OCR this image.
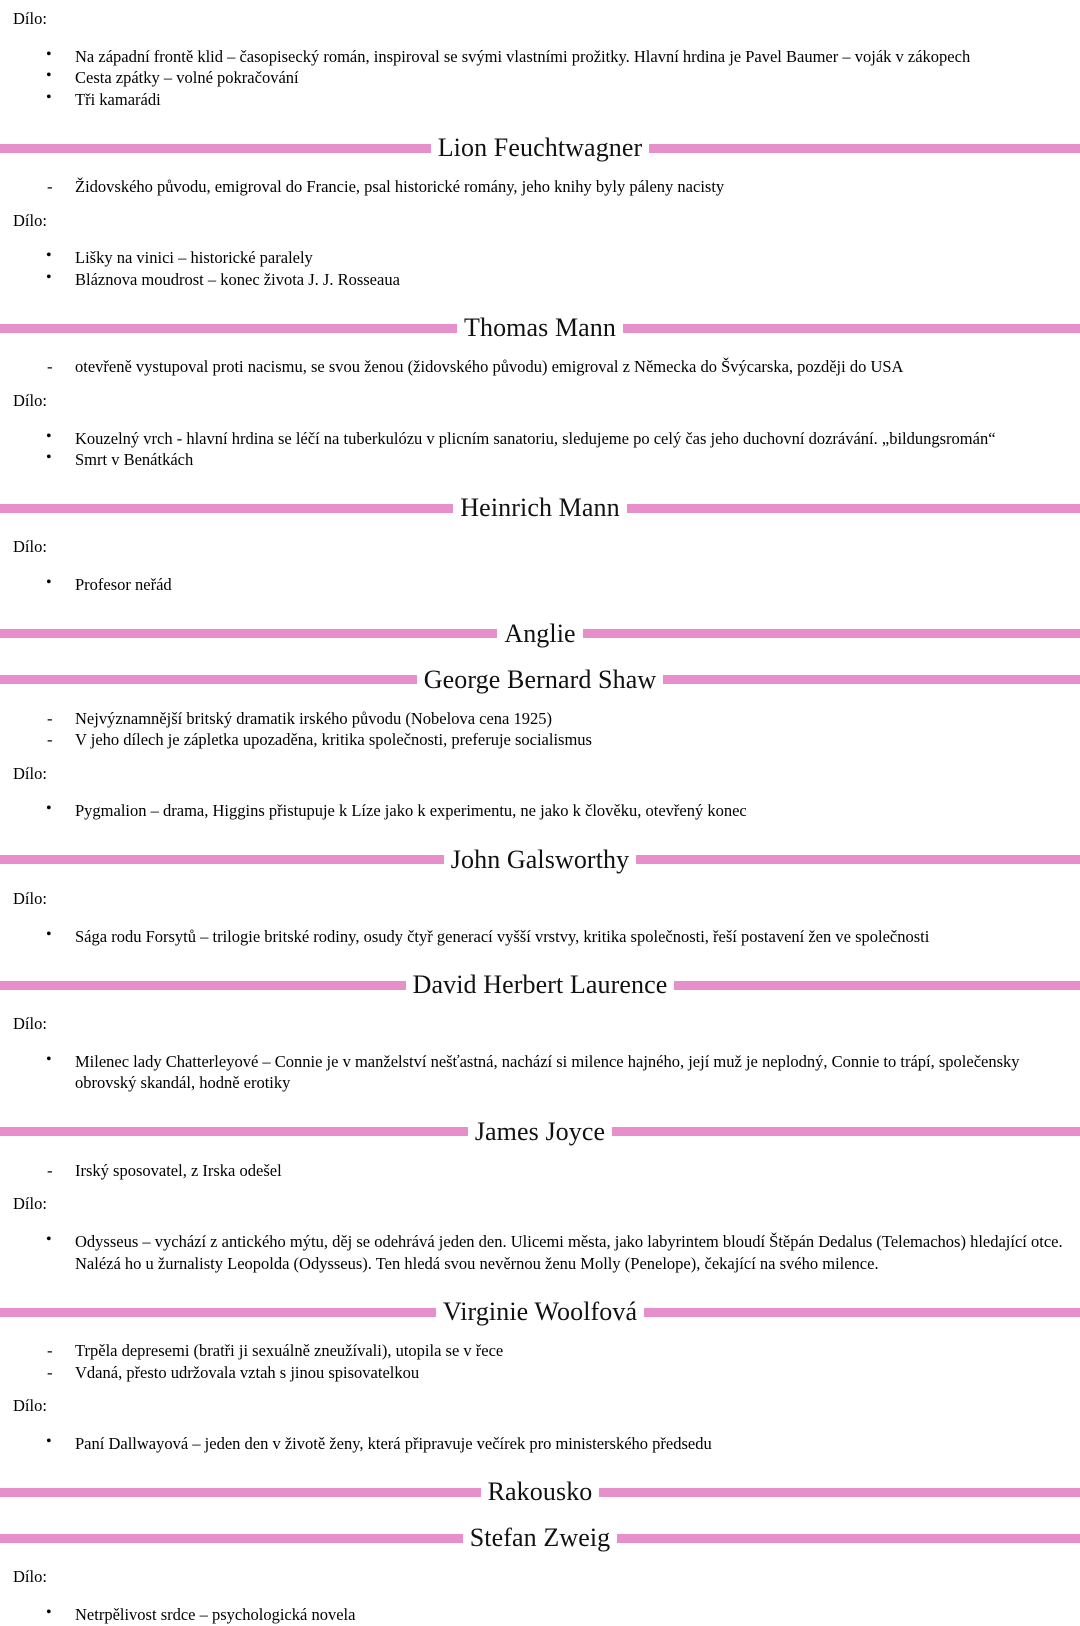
Dílo:

• Na západní frontě klid – časopisecký román, inspiroval se svými vlastními prožitky. Hlavní hrdina je Pavel Baumer – voják v zákopech
• Cesta zpátky – volné pokračování
• Tři kamarádi
Lion Feuchtwagner
- Židovského původu, emigroval do Francie, psal historické romány, jeho knihy byly páleny nacisty

Dílo:

• Lišky na vinici – historické paralely
• Bláznova moudrost – konec života J. J. Rosseaua
Thomas Mann
- otevřeně vystupoval proti nacismu, se svou ženou (židovského původu) emigroval z Německa do Švýcarska, později do USA

Dílo:

• Kouzelný vrch - hlavní hrdina se léčí na tuberkulózu v plicním sanatoriu, sledujeme po celý čas jeho duchovní dozrávání. „bildungsromán“
• Smrt v Benátkách
Heinrich Mann

Dílo:

• Profesor neřád
Anglie
George Bernard Shaw
- Nejvýznamnější britský dramatik irského původu (Nobelova cena 1925)
- V jeho dílech je zápletka upozaděna, kritika společnosti, preferuje socialismus

Dílo:

• Pygmalion – drama, Higgins přistupuje k Líze jako k experimentu, ne jako k člověku, otevřený konec
John Galsworthy

Dílo:

• Sága rodu Forsytů – trilogie britské rodiny, osudy čtyř generací vyšší vrstvy, kritika společnosti, řeší postavení žen ve společnosti
David Herbert Laurence

Dílo:

• Milenec lady Chatterleyové – Connie je v manželství nešťastná, nachází si milence hajného, její muž je neplodný, Connie to trápí, společensky obrovský skandál, hodně erotiky
James Joyce
- Irský sposovatel, z Irska odešel

Dílo:

• Odysseus – vychází z antického mýtu, děj se odehrává jeden den. Ulicemi města, jako labyrintem bloudí Štěpán Dedalus (Telemachos) hledající otce. Nalézá ho u žurnalisty Leopolda (Odysseus). Ten hledá svou nevěrnou ženu Molly (Penelope), čekající na svého milence.
Virginie Woolfová
- Trpěla depresemi (bratři ji sexuálně zneužívali), utopila se v řece
- Vdaná, přesto udržovala vztah s jinou spisovatelkou

Dílo:

• Paní Dallwayová – jeden den v životě ženy, která připravuje večírek pro ministerského předsedu
Rakousko
Stefan Zweig

Dílo:

• Netrpělivost srdce – psychologická novela
